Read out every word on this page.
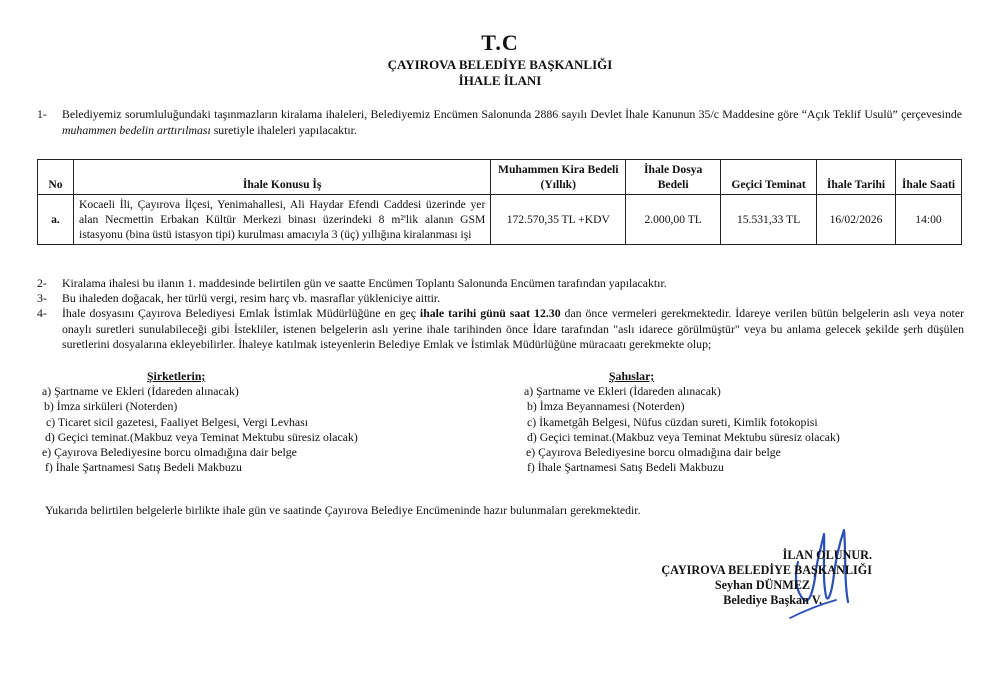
T.C
ÇAYIROVA BELEDİYE BAŞKANLIĞI
İHALE İLANI
1- Belediyemiz sorumluluğundaki taşınmazların kiralama ihaleleri, Belediyemiz Encümen Salonunda 2886 sayılı Devlet İhale Kanunun 35/c Maddesine göre “Açık Teklif Usulü” çerçevesinde muhammen bedelin arttırılması suretiyle ihaleleri yapılacaktır.
No	İhale Konusu İş	Muhammen Kira Bedeli (Yıllık)	İhale Dosya Bedeli	Geçici Teminat	İhale Tarihi	İhale Saati
a.	Kocaeli İli, Çayırova İlçesi, Yenimahallesi, Ali Haydar Efendi Caddesi üzerinde yer alan Necmettin Erbakan Kültür Merkezi binası üzerindeki 8 m²'lik alanın GSM istasyonu (bina üstü istasyon tipi) kurulması amacıyla 3 (üç) yıllığına kiralanması işi	172.570,35 TL +KDV	2.000,00 TL	15.531,33 TL	16/02/2026	14:00
2- Kiralama ihalesi bu ilanın 1. maddesinde belirtilen gün ve saatte Encümen Toplantı Salonunda Encümen tarafından yapılacaktır.
3- Bu ihaleden doğacak, her türlü vergi, resim harç vb. masraflar yükleniciye aittir.
4- İhale dosyasını Çayırova Belediyesi Emlak İstimlak Müdürlüğüne en geç ihale tarihi günü saat 12.30 dan önce vermeleri gerekmektedir. İdareye verilen bütün belgelerin aslı veya noter onaylı suretleri sunulabileceği gibi İstekliler, istenen belgelerin aslı yerine ihale tarihinden önce İdare tarafından "aslı idarece görülmüştür" veya bu anlama gelecek şekilde şerh düşülen suretlerini dosyalarına ekleyebilirler. İhaleye katılmak isteyenlerin Belediye Emlak ve İstimlak Müdürlüğüne müracaatı gerekmekte olup;
Şirketlerin;
a) Şartname ve Ekleri (İdareden alınacak)
b) İmza sirküleri (Noterden)
c) Ticaret sicil gazetesi, Faaliyet Belgesi, Vergi Levhası
d) Geçici teminat.(Makbuz veya Teminat Mektubu süresiz olacak)
e) Çayırova Belediyesine borcu olmadığına dair belge
f) İhale Şartnamesi Satış Bedeli Makbuzu
Şahıslar;
a) Şartname ve Ekleri (İdareden alınacak)
b) İmza Beyannamesi (Noterden)
c) İkametgâh Belgesi, Nüfus cüzdan sureti, Kimlik fotokopisi
d) Geçici teminat.(Makbuz veya Teminat Mektubu süresiz olacak)
e) Çayırova Belediyesine borcu olmadığına dair belge
f) İhale Şartnamesi Satış Bedeli Makbuzu
Yukarıda belirtilen belgelerle birlikte ihale gün ve saatinde Çayırova Belediye Encümeninde hazır bulunmaları gerekmektedir.
İLAN OLUNUR.
ÇAYIROVA BELEDİYE BAŞKANLIĞI
Seyhan DÜNMEZ
Belediye Başkan V.
